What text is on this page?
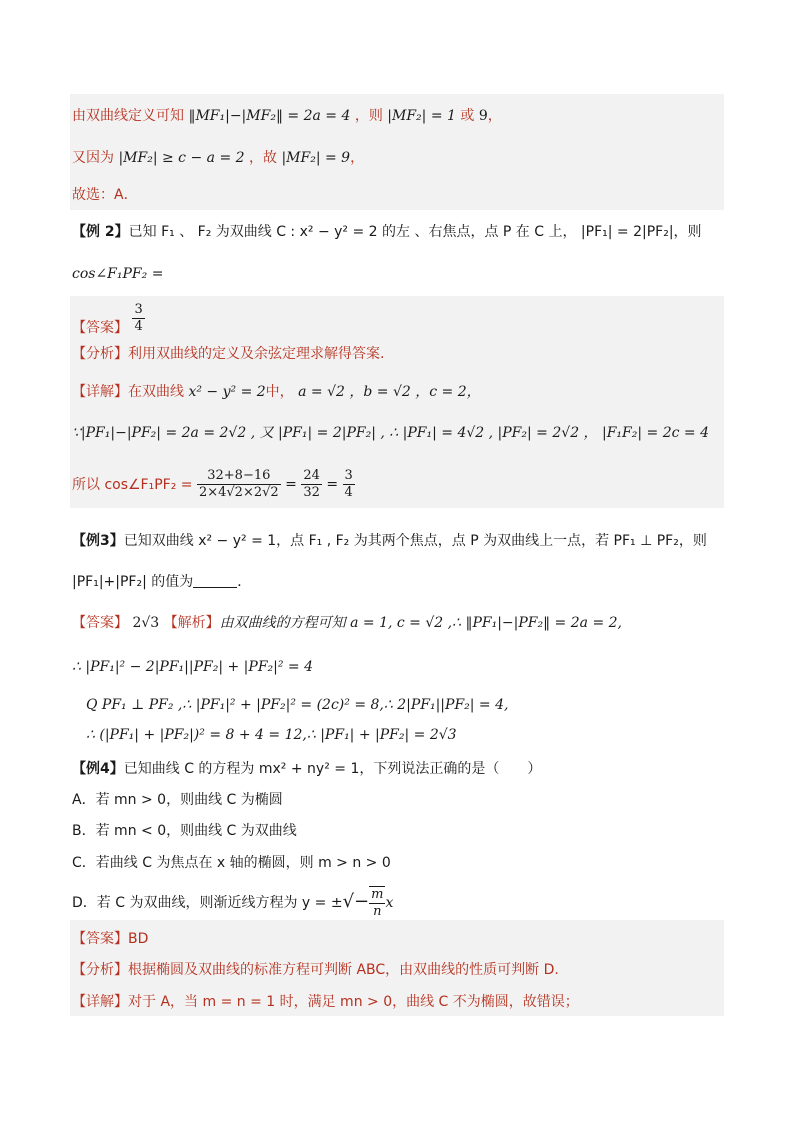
由双曲线定义可知 ‖MF₁|−|MF₂‖ = 2a = 4 ，则 |MF₂| = 1 或 9，
又因为 |MF₂| ≥ c − a = 2 ，故 |MF₂| = 9，
故选：A．
【例 2】已知 F₁ 、 F₂ 为双曲线 C : x² − y² = 2 的左 、右焦点，点 P 在 C 上， |PF₁| = 2|PF₂|，则
cos∠F₁PF₂ =
【答案】 $\frac{3}{4}$
【分析】利用双曲线的定义及余弦定理求解得答案.
【详解】在双曲线 x² − y² = 2中， a = √2 ，b = √2 ，c = 2，
∵|PF₁|−|PF₂| = 2a = 2√2 , 又 |PF₁| = 2|PF₂| , ∴ |PF₁| = 4√2 , |PF₂| = 2√2 ， |F₁F₂| = 2c = 4
所以 cos∠F₁PF₂ = $\frac{32+8-16}{2\times 4√2\times 2√2} = \frac{24}{32} = \frac{3}{4}$
【例3】已知双曲线 x² − y² = 1，点 F₁ , F₂ 为其两个焦点，点 P 为双曲线上一点，若 PF₁ ⊥ PF₂，则
|PF₁|+|PF₂| 的值为	．
【答案】 2√3 【解析】由双曲线的方程可知 a = 1, c = √2 ,∴ ‖PF₁|−|PF₂‖ = 2a = 2,
∴ |PF₁|² − 2|PF₁||PF₂| + |PF₂|² = 4
Q PF₁ ⊥ PF₂ ,∴ |PF₁|² + |PF₂|² = (2c)² = 8,∴ 2|PF₁||PF₂| = 4,
∴ (|PF₁| + |PF₂|)² = 8 + 4 = 12,∴ |PF₁| + |PF₂| = 2√3
【例4】已知曲线 C 的方程为 mx² + ny² = 1，下列说法正确的是（　　）
A．若 mn > 0，则曲线 C 为椭圆
B．若 mn < 0，则曲线 C 为双曲线
C．若曲线 C 为焦点在 x 轴的椭圆，则 m > n > 0
D．若 C 为双曲线，则渐近线方程为 y = ±√− $\frac{m}{n}$ x
【答案】BD
【分析】根据椭圆及双曲线的标准方程可判断 ABC，由双曲线的性质可判断 D.
【详解】对于 A，当 m = n = 1 时，满足 mn > 0，曲线 C 不为椭圆，故错误；
